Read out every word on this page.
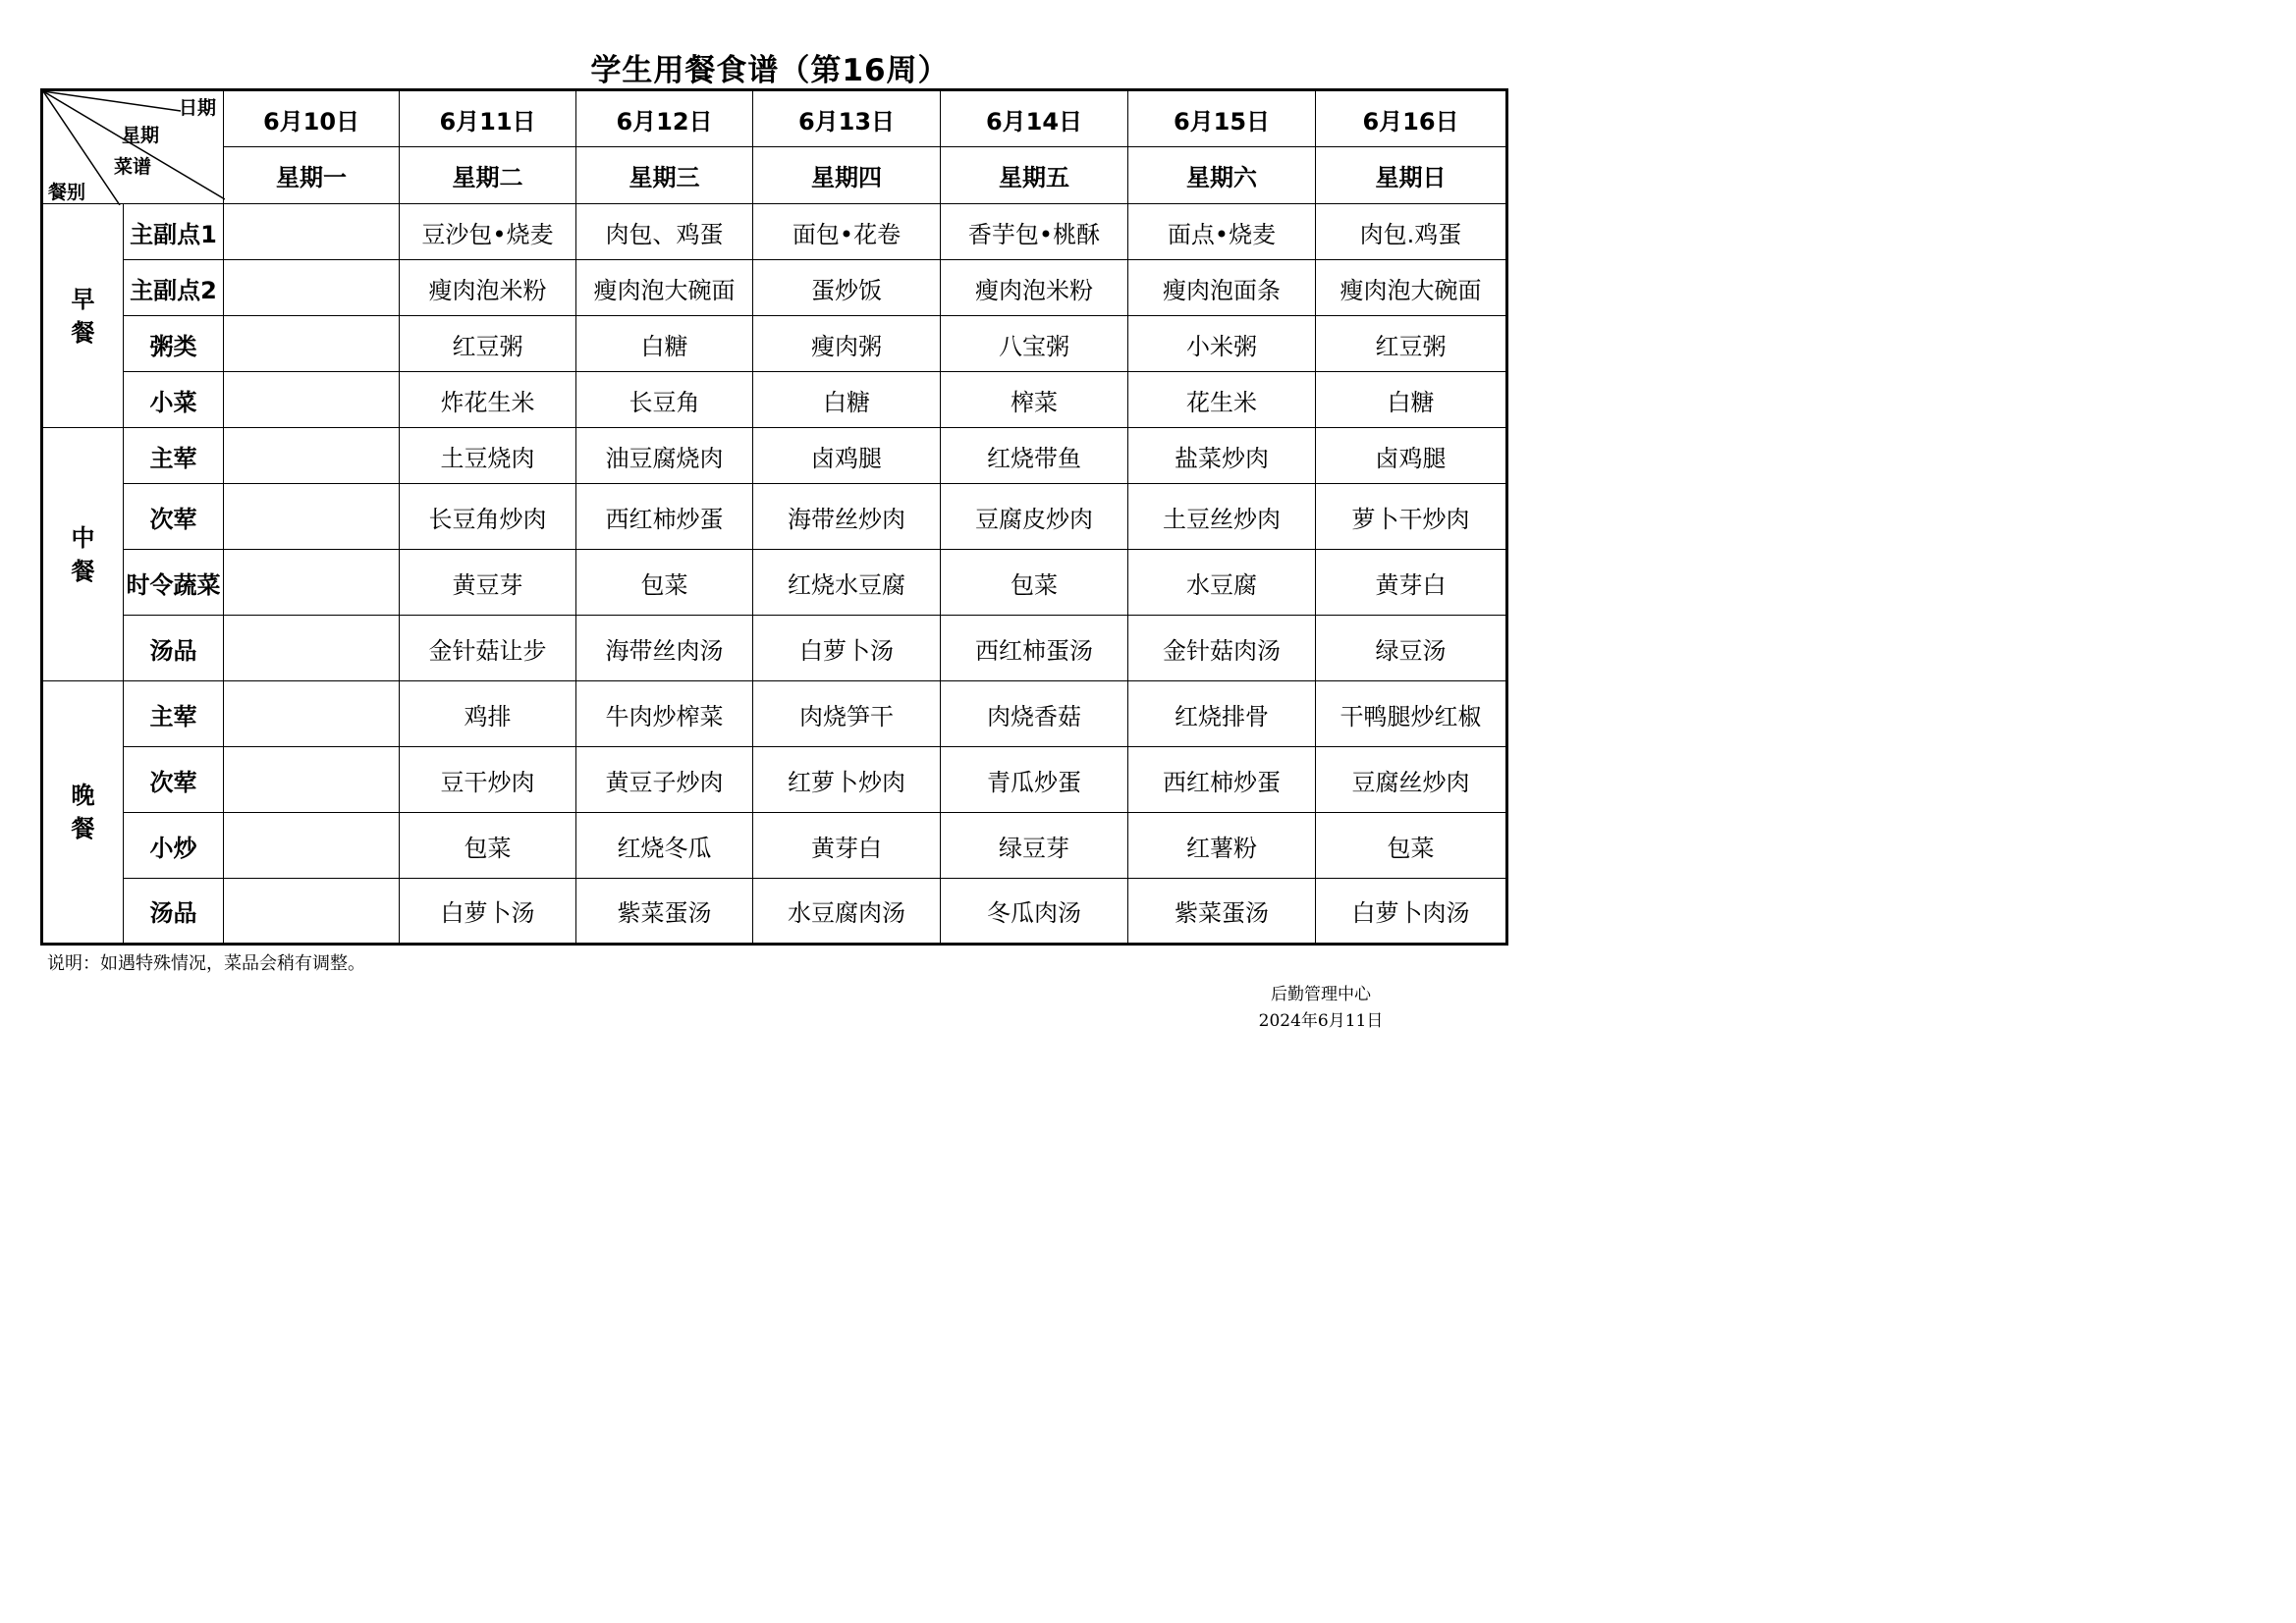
学生用餐食谱（第16周）
日期
星期
菜谱
餐别		6月10日	6月11日	6月12日	6月13日	6月14日	6月15日	6月16日
		星期一	星期二	星期三	星期四	星期五	星期六	星期日
早
餐	主副点1		豆沙包•烧麦	肉包、鸡蛋	面包•花卷	香芋包•桃酥	面点•烧麦	肉包.鸡蛋
	主副点2		瘦肉泡米粉	瘦肉泡大碗面	蛋炒饭	瘦肉泡米粉	瘦肉泡面条	瘦肉泡大碗面
	粥类		红豆粥	白糖	瘦肉粥	八宝粥	小米粥	红豆粥
	小菜		炸花生米	长豆角	白糖	榨菜	花生米	白糖
中
餐	主荤		土豆烧肉	油豆腐烧肉	卤鸡腿	红烧带鱼	盐菜炒肉	卤鸡腿
	次荤		长豆角炒肉	西红柿炒蛋	海带丝炒肉	豆腐皮炒肉	土豆丝炒肉	萝卜干炒肉
	时令蔬菜		黄豆芽	包菜	红烧水豆腐	包菜	水豆腐	黄芽白
	汤品		金针菇让步	海带丝肉汤	白萝卜汤	西红柿蛋汤	金针菇肉汤	绿豆汤
晚
餐	主荤		鸡排	牛肉炒榨菜	肉烧笋干	肉烧香菇	红烧排骨	干鸭腿炒红椒
	次荤		豆干炒肉	黄豆子炒肉	红萝卜炒肉	青瓜炒蛋	西红柿炒蛋	豆腐丝炒肉
	小炒		包菜	红烧冬瓜	黄芽白	绿豆芽	红薯粉	包菜
	汤品		白萝卜汤	紫菜蛋汤	水豆腐肉汤	冬瓜肉汤	紫菜蛋汤	白萝卜肉汤
说明：如遇特殊情况，菜品会稍有调整。
后勤管理中心
2024年6月11日
